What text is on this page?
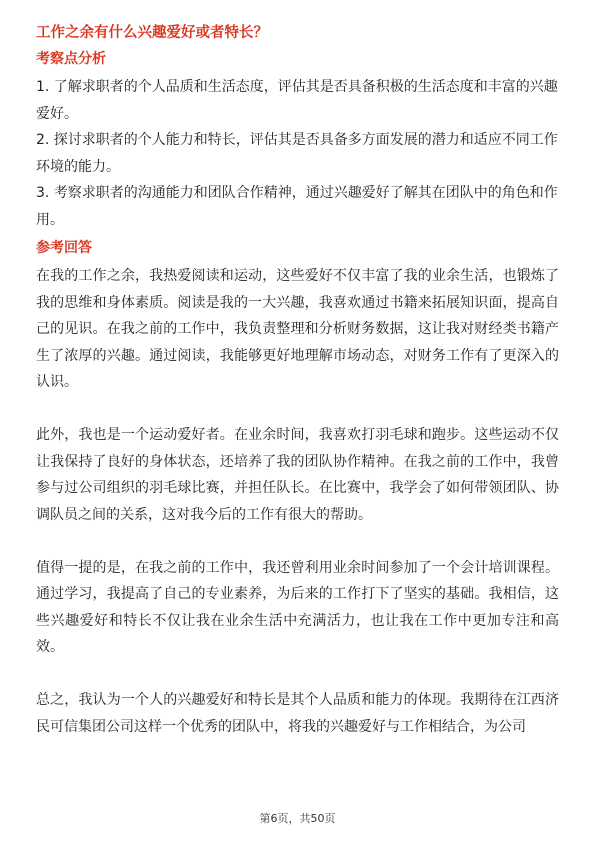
工作之余有什么兴趣爱好或者特长？
考察点分析
1. 了解求职者的个人品质和生活态度，评估其是否具备积极的生活态度和丰富的兴趣爱好。
2. 探讨求职者的个人能力和特长，评估其是否具备多方面发展的潜力和适应不同工作环境的能力。
3. 考察求职者的沟通能力和团队合作精神，通过兴趣爱好了解其在团队中的角色和作用。
参考回答
在我的工作之余，我热爱阅读和运动，这些爱好不仅丰富了我的业余生活，也锻炼了我的思维和身体素质。阅读是我的一大兴趣，我喜欢通过书籍来拓展知识面，提高自己的见识。在我之前的工作中，我负责整理和分析财务数据，这让我对财经类书籍产生了浓厚的兴趣。通过阅读，我能够更好地理解市场动态，对财务工作有了更深入的认识。
此外，我也是一个运动爱好者。在业余时间，我喜欢打羽毛球和跑步。这些运动不仅让我保持了良好的身体状态，还培养了我的团队协作精神。在我之前的工作中，我曾参与过公司组织的羽毛球比赛，并担任队长。在比赛中，我学会了如何带领团队、协调队员之间的关系，这对我今后的工作有很大的帮助。
值得一提的是，在我之前的工作中，我还曾利用业余时间参加了一个会计培训课程。通过学习，我提高了自己的专业素养，为后来的工作打下了坚实的基础。我相信，这些兴趣爱好和特长不仅让我在业余生活中充满活力，也让我在工作中更加专注和高效。
总之，我认为一个人的兴趣爱好和特长是其个人品质和能力的体现。我期待在江西济民可信集团公司这样一个优秀的团队中，将我的兴趣爱好与工作相结合，为公司
第6页，共50页
